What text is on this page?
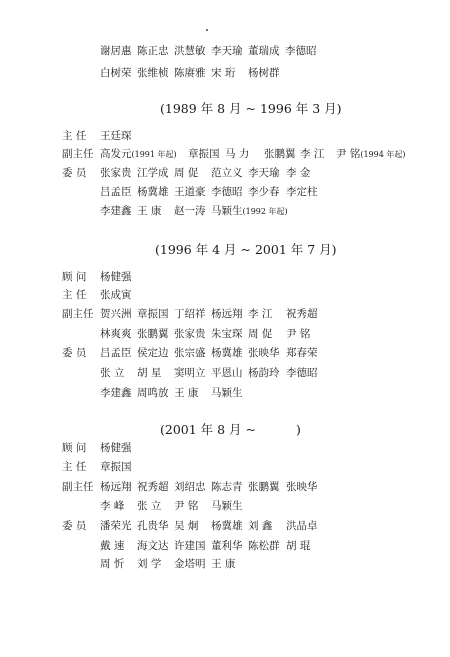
谢居惠 陈正忠 洪慧敏 李天瑜 董瑞成 李德昭
白树荣 张维桢 陈赓雅 宋 珩 杨树群
(1989 年 8 月 ~ 1996 年 3 月)
主 任 王廷琛
副主任 高发元(1991 年起) 章振国 马 力 张鹏翼 李 江 尹 铭(1994 年起)
委 员 张家贵 江学成 周 促 范立义 李天瑜 李 金
吕孟臣 杨冀雄 王道豪 李德昭 李少春 李定柱
李建鑫 王 康 赵一涛 马颖生(1992 年起)
(1996 年 4 月 ~ 2001 年 7 月)
顾 问 杨健强
主 任 张成寅
副主任 贺兴洲 章振国 丁绍祥 杨远翔 李 江 祝秀超
林爽爽 张鹏翼 张家贵 朱宝琛 周 促 尹 铭
委 员 吕孟臣 侯定边 张宗盛 杨冀雄 张映华 郑春荣
张 立 胡 星 窦明立 平恩山 杨韵玲 李德昭
李建鑫 周鸣放 王 康 马颖生
(2001 年 8 月 ~	)
顾 问 杨健强
主 任 章振国
副主任 杨远翔 祝秀超 刘绍忠 陈志青 张鹏翼 张映华
李 峰 张 立 尹 铭 马颖生
委 员 潘荣光 孔贵华 吴 炯 杨冀雄 刘 鑫 洪品卓
戴 速 海文达 许建国 董利华 陈松群 胡 琨
周 忻 刘 学 金塔明 王 康
